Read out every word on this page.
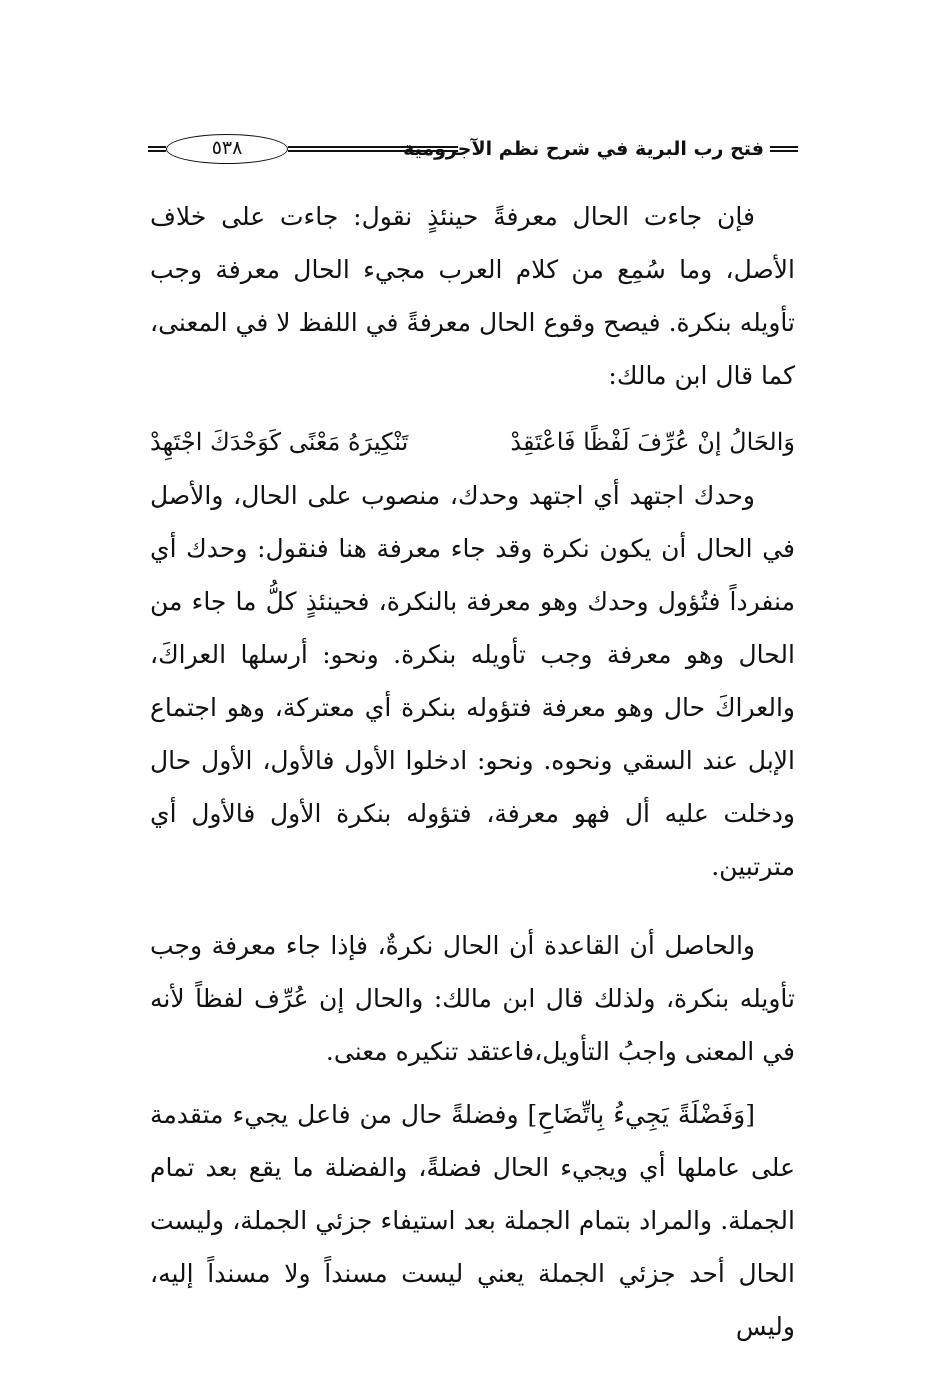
فتح رب البرية في شرح نظم الآجرومية
٥٣٨

فإن جاءت الحال معرفةً حينئذٍ نقول: جاءت على خلاف الأصل، وما سُمِع من كلام العرب مجيء الحال معرفة وجب تأويله بنكرة. فيصح وقوع الحال معرفةً في اللفظ لا في المعنى، كما قال ابن مالك:

وَالحَالُ إنْ عُرِّفَ لَفْظًا فَاعْتَقِدْ
تَنْكِيرَهُ مَعْنًى كَوَحْدَكَ اجْتَهِدْ

وحدك اجتهد أي اجتهد وحدك، منصوب على الحال، والأصل في الحال أن يكون نكرة وقد جاء معرفة هنا فنقول: وحدك أي منفرداً فتُؤول وحدك وهو معرفة بالنكرة، فحينئذٍ كلُّ ما جاء من الحال وهو معرفة وجب تأويله بنكرة. ونحو: أرسلها العراكَ، والعراكَ حال وهو معرفة فتؤوله بنكرة أي معتركة، وهو اجتماع الإبل عند السقي ونحوه. ونحو: ادخلوا الأول فالأول، الأول حال ودخلت عليه أل فهو معرفة، فتؤوله بنكرة الأول فالأول أي مترتبين.

والحاصل أن القاعدة أن الحال نكرةٌ، فإذا جاء معرفة وجب تأويله بنكرة، ولذلك قال ابن مالك: والحال إن عُرِّف لفظاً لأنه في المعنى واجبُ التأويل،فاعتقد تنكيره معنى.

[وَفَضْلَةً يَجِيءُ بِاتِّضَاحِ] وفضلةً حال من فاعل يجيء متقدمة على عاملها أي ويجيء الحال فضلةً، والفضلة ما يقع بعد تمام الجملة. والمراد بتمام الجملة بعد استيفاء جزئي الجملة، وليست الحال أحد جزئي الجملة يعني ليست مسنداً ولا مسنداً إليه، وليس
